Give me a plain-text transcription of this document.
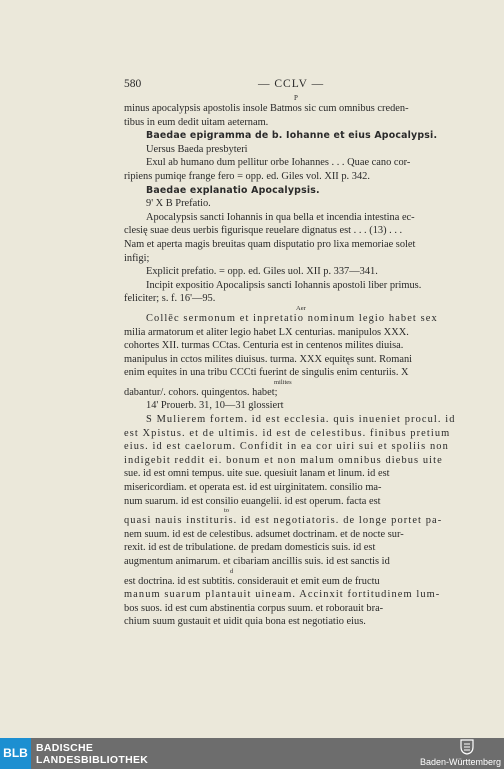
580	— CCLV —
P

minus apocalypsis apostolis insole Batmos sic cum omnibus creden-

tibus in eum dedit uitam aeternam.

Baedae epigramma de b. Iohanne et eius Apocalypsi.

Uersus Baeda presbyteri

Exul ab humano dum pellitur orbe Iohannes . . . Quae cano cor-

ripiens pumiqe frange fero = opp. ed. Giles vol. XII p. 342.

Baedae explanatio Apocalypsis.

9' X B Prefatio.

Apocalypsis sancti Iohannis in qua bella et incendia intestina ec-

clesię suae deus uerbis figurisque reuelare dignatus est . . . (13) . . .

Nam et aperta magis breuitas quam disputatio pro lixa memoriae solet

infigi;

Explicit prefatio. = opp. ed. Giles uol. XII p. 337—341.

Incipit expositio Apocalipsis sancti Iohannis apostoli liber primus.

feliciter; s. f. 16'—95.

Aer

Collēc sermonum et inpretatio nominum legio habet sex

milia armatorum et aliter legio habet LX centurias. manipulos XXX.

cohortes XII. turmas CCtas. Centuria est in centenos milites diuisa.

manipulus in cctos milites diuisus. turma. XXX equitęs sunt. Romani

enim equites in una tribu CCCti fuerint de singulis enim centuriis. X

milites

dabantur/. cohors. quingentos. habet;

14' Prouerb. 31, 10—31 glossiert

S Mulierem fortem. id est ecclesia. quis inueniet procul. id

est Xpistus. et de ultimis. id est de celestibus. finibus pretium

eius. id est caelorum. Confidit in ea cor uiri sui et spoliis non

indigebit reddit ei. bonum et non malum omnibus diebus uite

sue. id est omni tempus. uite sue. quesiuit lanam et linum. id est

misericordiam. et operata est. id est uirginitatem. consilio ma-

num suarum. id est consilio euangelii. id est operum. facta est

to

quasi nauis instituris. id est negotiatoris. de longe portet pa-

nem suum. id est de celestibus. adsumet doctrinam. et de nocte sur-

rexit. id est de tribulatione. de predam domesticis suis. id est

augmentum animarum. et cibariam ancillis suis. id est sanctis id

d

est doctrina. id est subtitis. considerauit et emit eum de fructu

manum suarum plantauit uineam. Accinxit fortitudinem lum-

bos suos. id est cum abstinentia corpus suum. et roborauit bra-

chium suum gustauit et uidit quia bona est negotiatio eius.

BLB BADISCHE
LANDESBIBLIOTHEK	Baden-Württemberg
